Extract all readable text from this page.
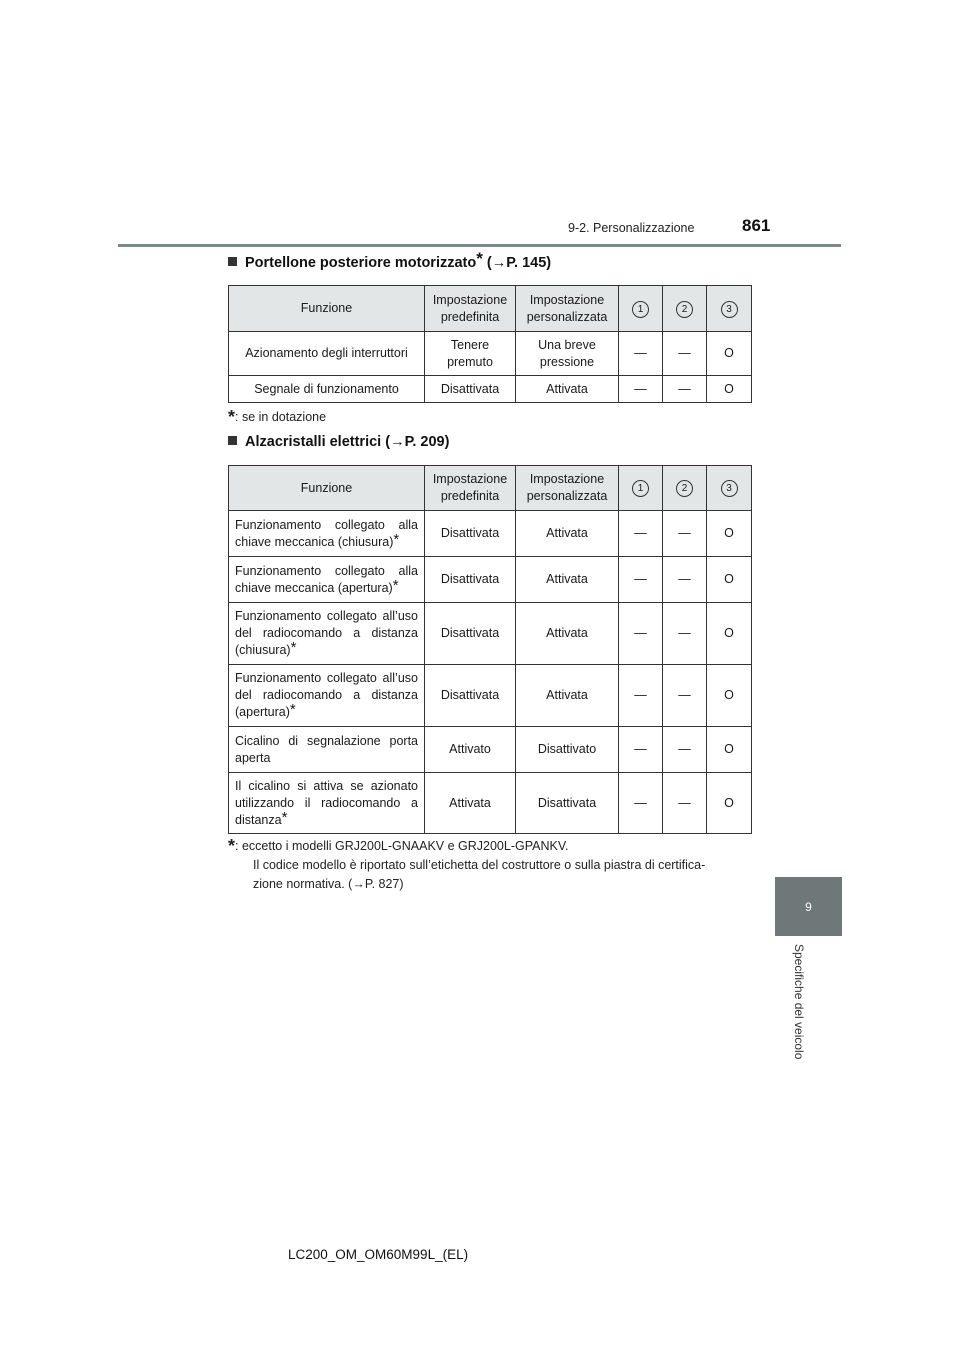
9-2. Personalizzazione	861
9
Specifiche del veicolo
Portellone posteriore motorizzato* (→P. 145)
Funzione	Impostazione predefinita	Impostazione personalizzata	1	2	3
Azionamento degli interruttori	Tenere premuto	Una breve pressione	—	—	O
Segnale di funzionamento	Disattivata	Attivata	—	—	O
*: se in dotazione
Alzacristalli elettrici (→P. 209)
Funzione	Impostazione predefinita	Impostazione personalizzata	1	2	3
Funzionamento collegato alla chiave meccanica (chiusura)*	Disattivata	Attivata	—	—	O
Funzionamento collegato alla chiave meccanica (apertura)*	Disattivata	Attivata	—	—	O
Funzionamento collegato all’uso del radiocomando a distanza (chiusura)*	Disattivata	Attivata	—	—	O
Funzionamento collegato all’uso del radiocomando a distanza (apertura)*	Disattivata	Attivata	—	—	O
Cicalino di segnalazione porta aperta	Attivato	Disattivato	—	—	O
Il cicalino si attiva se azionato utilizzando il radiocomando a distanza*	Attivata	Disattivata	—	—	O
*: eccetto i modelli GRJ200L-GNAAKV e GRJ200L-GPANKV.
Il codice modello è riportato sull’etichetta del costruttore o sulla piastra di certifica-
zione normativa. (→P. 827)
LC200_OM_OM60M99L_(EL)
